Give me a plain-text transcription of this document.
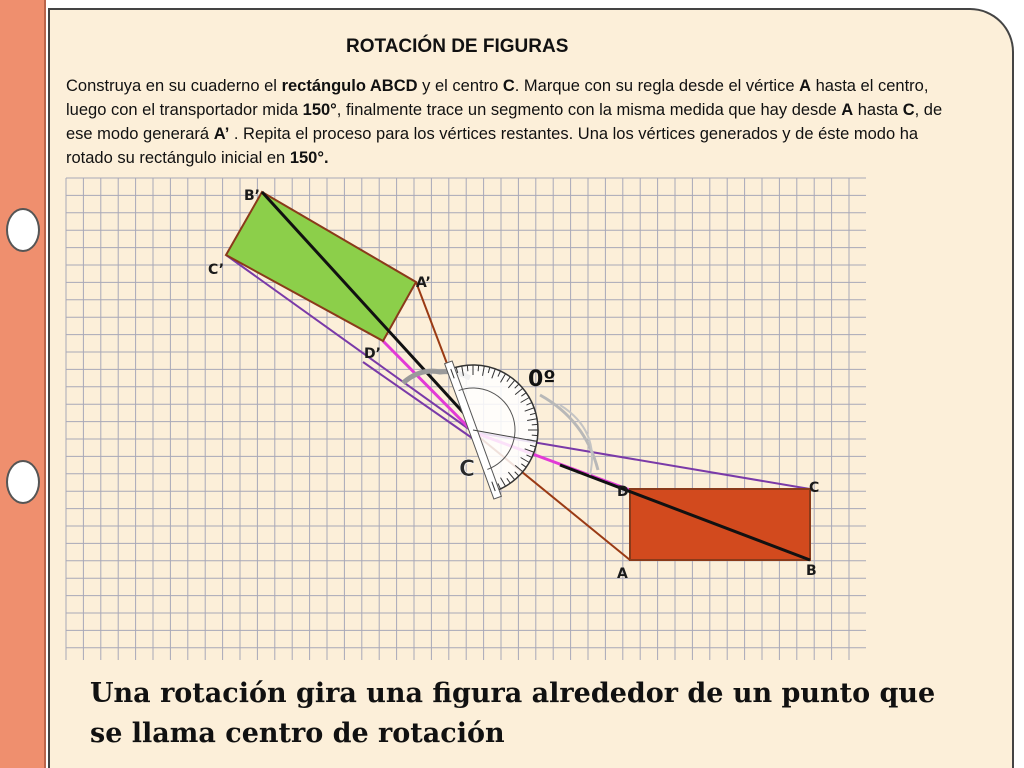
ROTACIÓN DE FIGURAS
Construya en su cuaderno el rectángulo ABCD y el centro C. Marque con su regla desde el vértice A hasta el centro, luego con el transportador mida 150°, finalmente trace un segmento con la misma medida que hay desde A hasta C, de ese modo generará A’ . Repita el proceso para los vértices restantes. Una los vértices generados y de éste modo ha rotado su rectángulo inicial en 150°.
B’
C’
A’
D’
D	C
A	B
C
0º
Una rotación gira una figura alrededor de un punto que se llama centro de rotación
